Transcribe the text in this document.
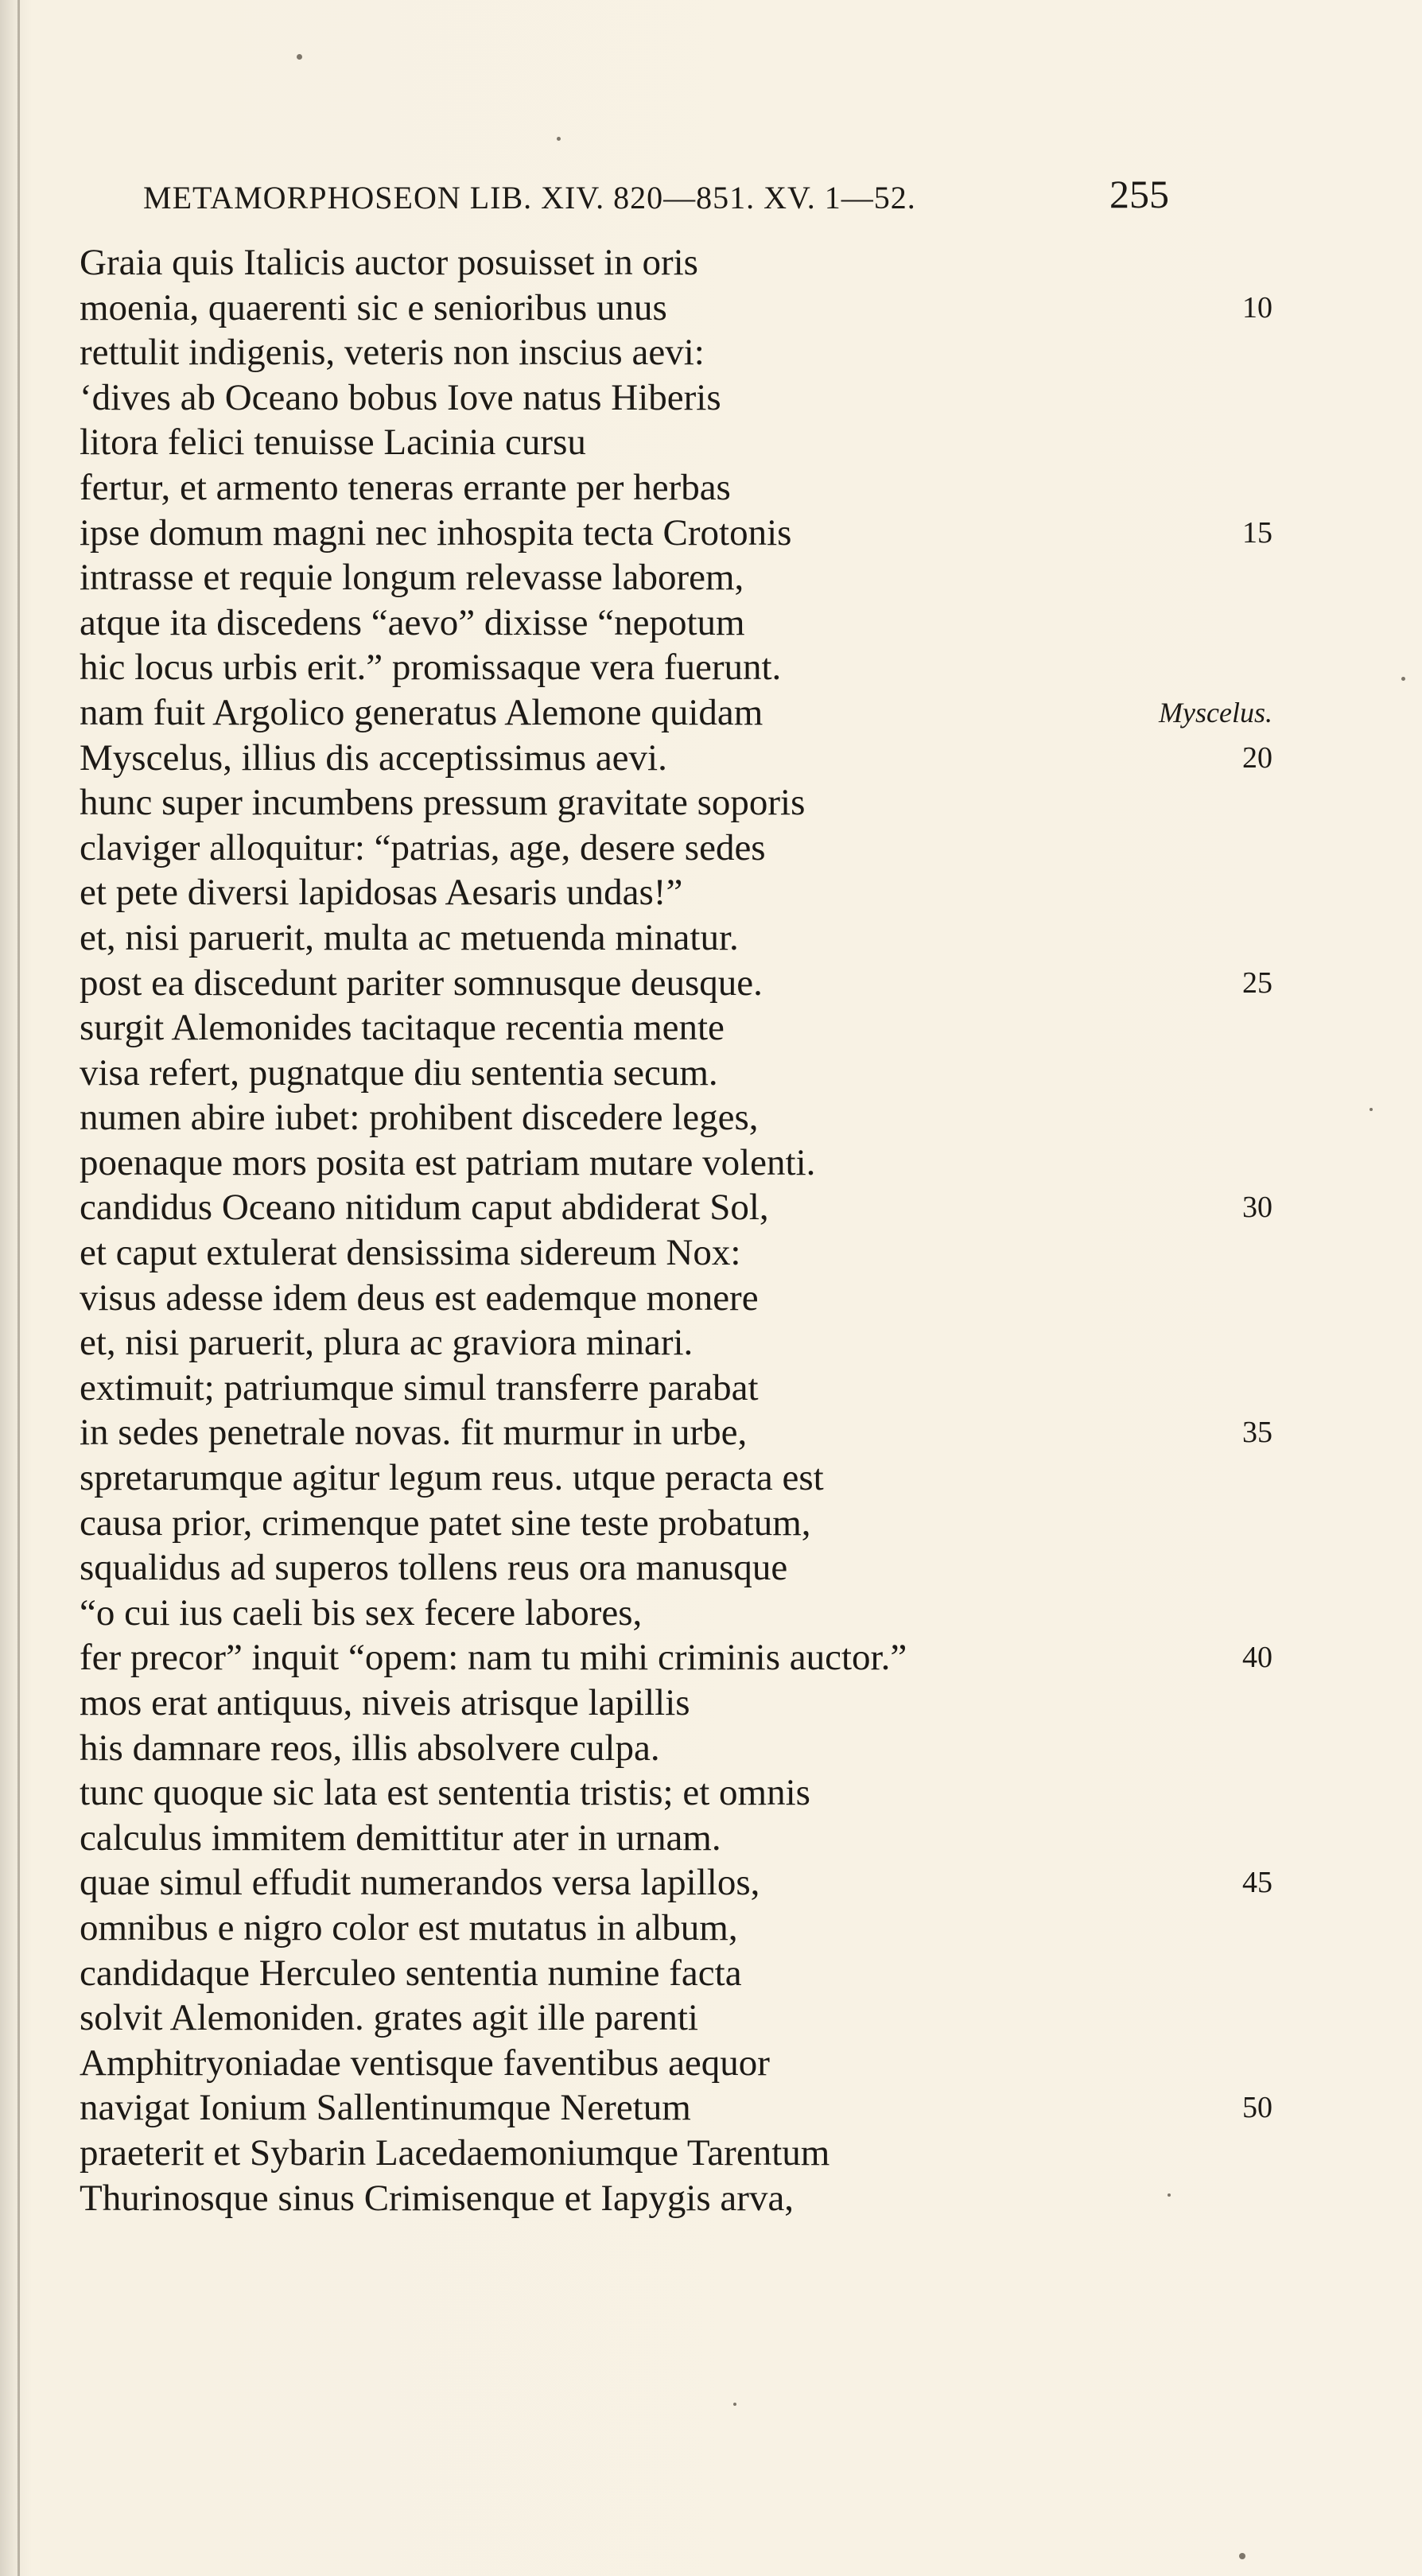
METAMORPHOSEON LIB. XIV. 820—851. XV. 1—52.	255
Graia quis Italicis auctor posuisset in oris
moenia, quaerenti sic e senioribus unus	10
rettulit indigenis, veteris non inscius aevi:
‘dives ab Oceano bobus Iove natus Hiberis
litora felici tenuisse Lacinia cursu
fertur, et armento teneras errante per herbas
ipse domum magni nec inhospita tecta Crotonis	15
intrasse et requie longum relevasse laborem,
atque ita discedens “aevo” dixisse “nepotum
hic locus urbis erit.” promissaque vera fuerunt.
nam fuit Argolico generatus Alemone quidam	Myscelus.
Myscelus, illius dis acceptissimus aevi.	20
hunc super incumbens pressum gravitate soporis
claviger alloquitur: “patrias, age, desere sedes
et pete diversi lapidosas Aesaris undas!”
et, nisi paruerit, multa ac metuenda minatur.
post ea discedunt pariter somnusque deusque.	25
surgit Alemonides tacitaque recentia mente
visa refert, pugnatque diu sententia secum.
numen abire iubet: prohibent discedere leges,
poenaque mors posita est patriam mutare volenti.
candidus Oceano nitidum caput abdiderat Sol,	30
et caput extulerat densissima sidereum Nox:
visus adesse idem deus est eademque monere
et, nisi paruerit, plura ac graviora minari.
extimuit; patriumque simul transferre parabat
in sedes penetrale novas. fit murmur in urbe,	35
spretarumque agitur legum reus. utque peracta est
causa prior, crimenque patet sine teste probatum,
squalidus ad superos tollens reus ora manusque
“o cui ius caeli bis sex fecere labores,
fer precor” inquit “opem: nam tu mihi criminis auctor.”	40
mos erat antiquus, niveis atrisque lapillis
his damnare reos, illis absolvere culpa.
tunc quoque sic lata est sententia tristis; et omnis
calculus immitem demittitur ater in urnam.
quae simul effudit numerandos versa lapillos,	45
omnibus e nigro color est mutatus in album,
candidaque Herculeo sententia numine facta
solvit Alemoniden. grates agit ille parenti
Amphitryoniadae ventisque faventibus aequor
navigat Ionium Sallentinumque Neretum	50
praeterit et Sybarin Lacedaemoniumque Tarentum
Thurinosque sinus Crimisenque et Iapygis arva,
